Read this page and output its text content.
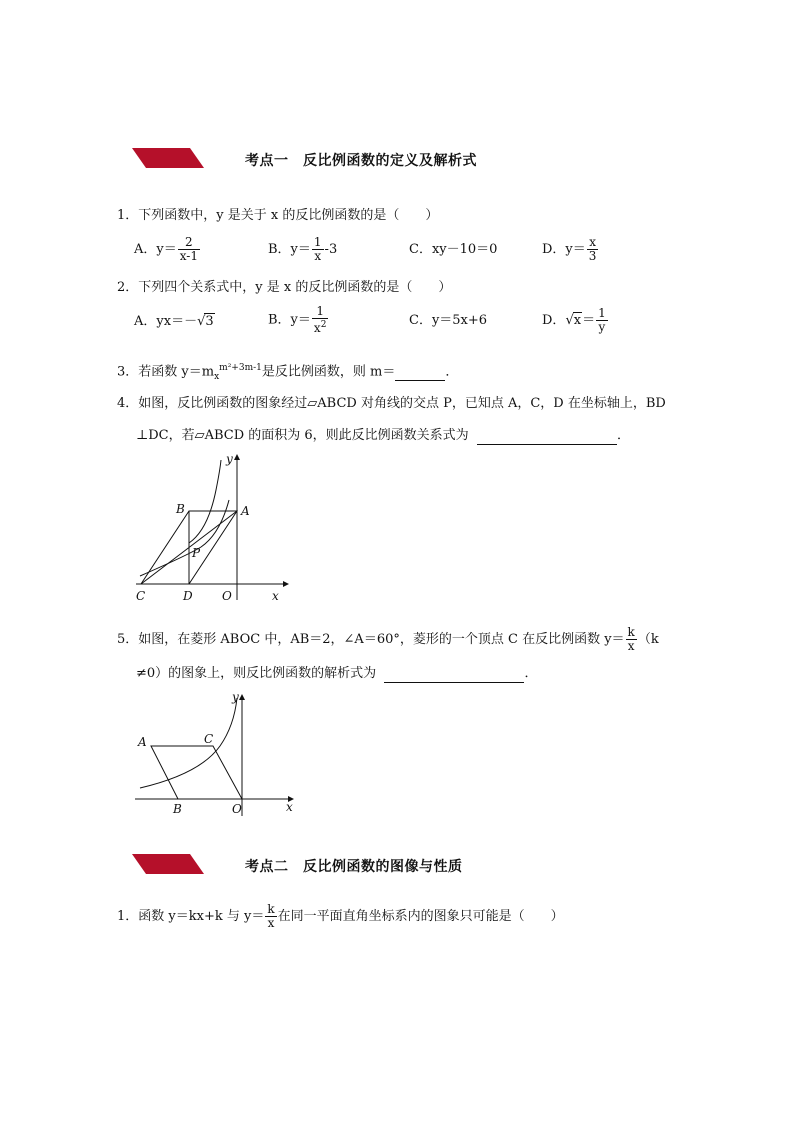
考点一　反比例函数的定义及解析式
1．下列函数中，y 是关于 x 的反比例函数的是（　　）
A．$y= \frac{2}{x-1}$	B．$y= \frac{1}{x} -3$	C．xy－10＝0	D．$y= \frac{x}{3}$
2．下列四个关系式中，y 是 x 的反比例函数的是（　　）
A．yx＝－√3	B．$y= \frac{1}{x^2}$	C．y＝5x+6	D．$√x= \frac{1}{y}$
3．若函数 $y=m_x^{m^2+3m-1}$是反比例函数，则 m＝	．
4．如图，反比例函数的图象经过▱ABCD 对角线的交点 P，已知点 A，C，D 在坐标轴上，BD
⊥DC，若▱ABCD 的面积为 6，则此反比例函数关系式为	．
y
x
A
B
C	D O
P
5．如图，在菱形 ABOC 中，AB＝2，∠A＝60°，菱形的一个顶点 C 在反比例函数 $y= \frac{k}{x} (k$
≠0）的图象上，则反比例函数的解析式为	．
y
x
A
B
C
O
考点二　反比例函数的图像与性质
1．函数 y＝kx+k 与 $y= \frac{k}{x}$ 在同一平面直角坐标系内的图象只可能是（　　）
